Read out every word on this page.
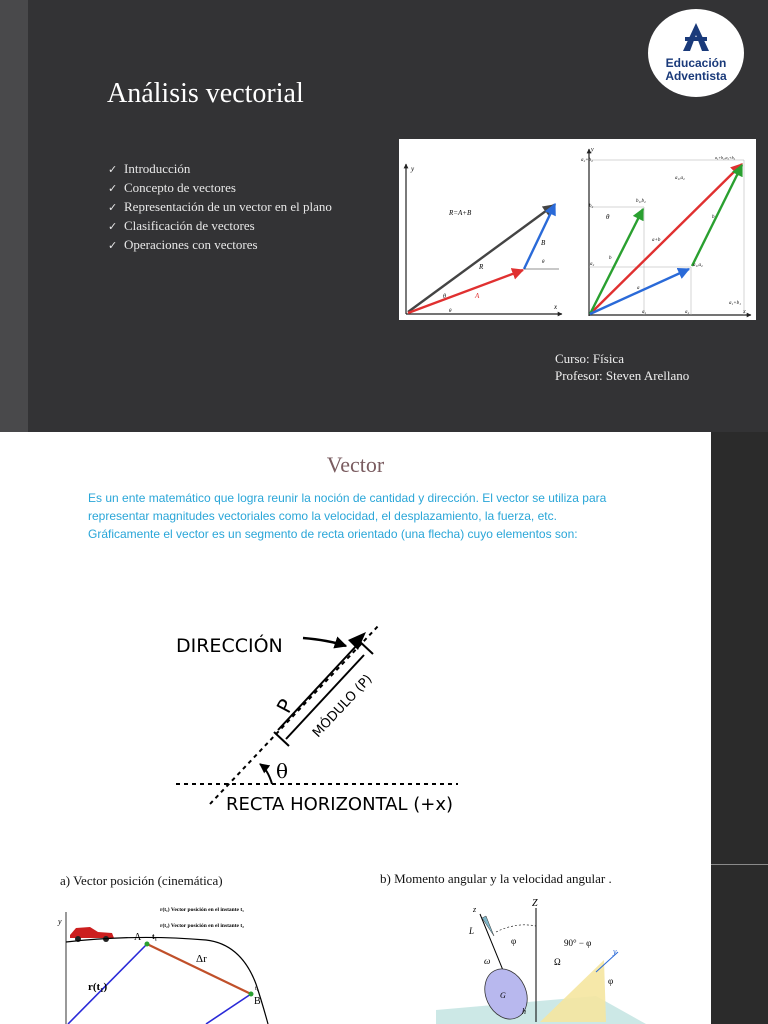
Análisis vectorial
✓ Introducción
✓ Concepto de vectores
✓ Representación de un vector en el plano
✓ Clasificación de vectores
✓ Operaciones con vectores
y
x
R=A+B
R
A
B
θ
θ
θ
y
x
a₂+b₂
a₁+b₁,a₂+b₂
b₂
b₁,b₂
θ
a₂	a₁,a₂
a₁	a₂
a₁+b₁
a+b
a
b
b
a₁,a₂
Curso: Física
Profesor: Steven Arellano
Educación
Adventista
Vector
Es un ente matemático que logra reunir la noción de cantidad y dirección. El vector se utiliza para representar magnitudes vectoriales como la velocidad, el desplazamiento, la fuerza, etc.
Gráficamente el vector es un segmento de recta orientado (una flecha) cuyo elementos son:
DIRECCIÓN
P MÓDULO (P)
θ
RECTA HORIZONTAL (+x)
a) Vector posición (cinemática)	b) Momento angular y la velocidad angular .
y
r(t₁) Vector posición en el instante t₁
r(t₂) Vector posición en el instante t₂
A t₁
Δr
r(t₁)
B
t₂
Z
z
L
φ	90° − φ
ω	Ω
y
φ
G
h
